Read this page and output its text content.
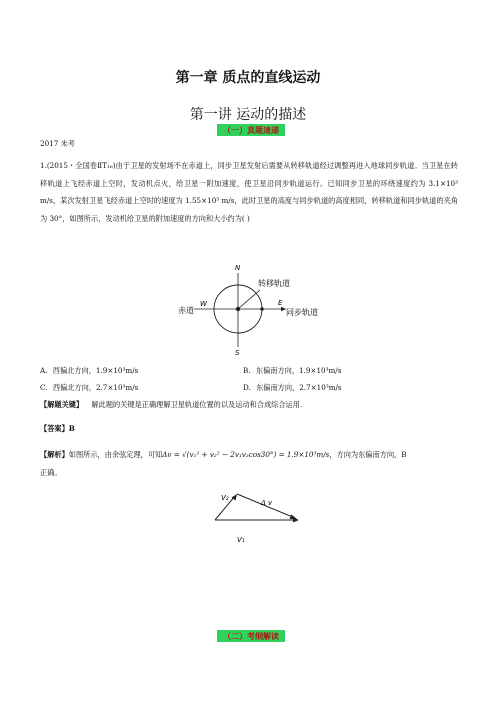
第一章 质点的直线运动
第一讲 运动的描述
（一）真题速递
2017 未考
1.(2015・全国卷ⅡT₁₆)由于卫星的发射场不在赤道上，同步卫星发射后需要从转移轨道经过调整再进入地球同步轨道。当卫星在转移轨道上飞经赤道上空时，发动机点火，给卫星一附加速度，使卫星沿同步轨道运行。已知同步卫星的环绕速度约为 3.1×10³ m/s，某次发射卫星飞经赤道上空时的速度为 1.55×10³ m/s，此时卫星的高度与同步轨道的高度相同，转移轨道和同步轨道的夹角为 30°，如图所示，发动机给卫星的附加速度的方向和大小约为( )
N
S
W	E
转移轨道
赤道	同步轨道
A. 西偏北方向，1.9×10³m/s	B. 东偏南方向，1.9×10³m/s
C. 西偏北方向，2.7×10³m/s	D. 东偏南方向，2.7×10³m/s
【解题关键】 解此题的关键是正确理解卫星轨道位置的以及运动和合成综合运用.
【答案】B
【解析】如图所示，由余弦定理，可知Δv = √(v₁² + v₂² − 2v₁v₂cos30°) = 1.9×10³m/s，方向为东偏南方向，B
正确。
V₂
Δ v
V₁
（二）考纲解读
